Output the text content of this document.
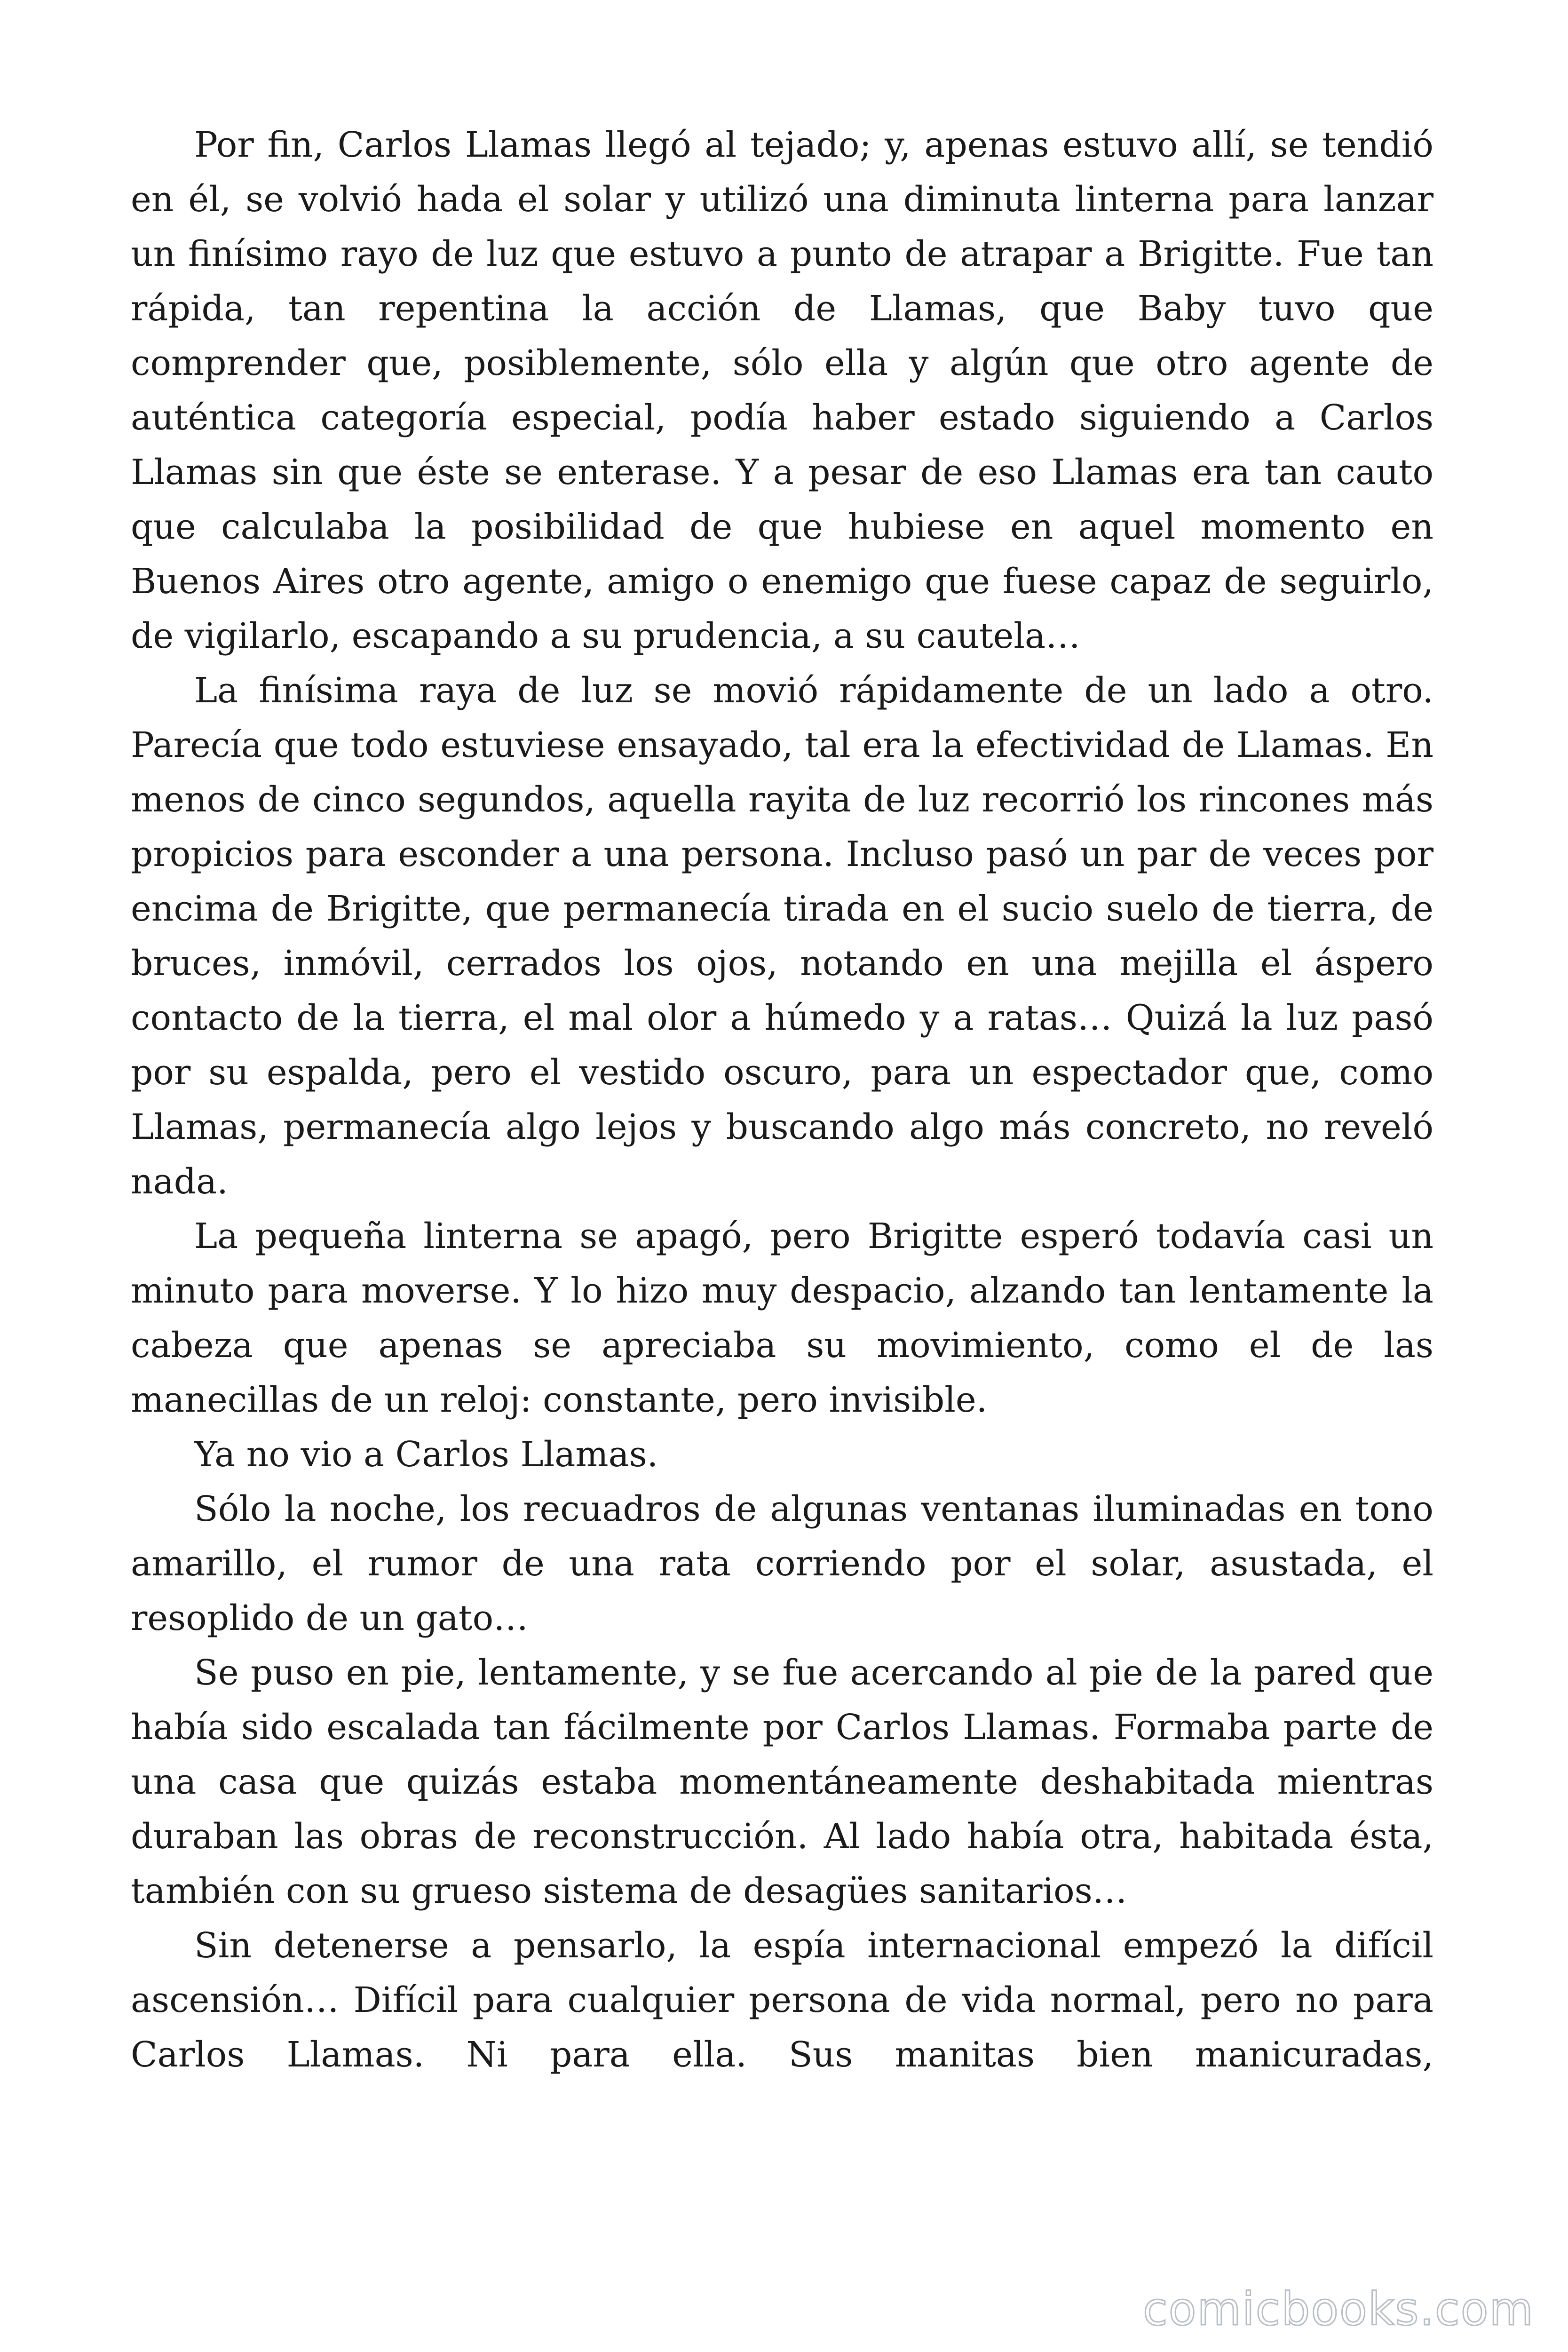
Por fin, Carlos Llamas llegó al tejado; y, apenas estuvo allí, se tendió en él, se volvió hada el solar y utilizó una diminuta linterna para lanzar un finísimo rayo de luz que estuvo a punto de atrapar a Brigitte. Fue tan rápida, tan repentina la acción de Llamas, que Baby tuvo que comprender que, posiblemente, sólo ella y algún que otro agente de auténtica categoría especial, podía haber estado siguiendo a Carlos Llamas sin que éste se enterase. Y a pesar de eso Llamas era tan cauto que calculaba la posibilidad de que hubiese en aquel momento en Buenos Aires otro agente, amigo o enemigo que fuese capaz de seguirlo, de vigilarlo, escapando a su prudencia, a su cautela…

La finísima raya de luz se movió rápidamente de un lado a otro. Parecía que todo estuviese ensayado, tal era la efectividad de Llamas. En menos de cinco segundos, aquella rayita de luz recorrió los rincones más propicios para esconder a una persona. Incluso pasó un par de veces por encima de Brigitte, que permanecía tirada en el sucio suelo de tierra, de bruces, inmóvil, cerrados los ojos, notando en una mejilla el áspero contacto de la tierra, el mal olor a húmedo y a ratas… Quizá la luz pasó por su espalda, pero el vestido oscuro, para un espectador que, como Llamas, permanecía algo lejos y buscando algo más concreto, no reveló nada.

La pequeña linterna se apagó, pero Brigitte esperó todavía casi un minuto para moverse. Y lo hizo muy despacio, alzando tan lentamente la cabeza que apenas se apreciaba su movimiento, como el de las manecillas de un reloj: constante, pero invisible.

Ya no vio a Carlos Llamas.

Sólo la noche, los recuadros de algunas ventanas iluminadas en tono amarillo, el rumor de una rata corriendo por el solar, asustada, el resoplido de un gato…

Se puso en pie, lentamente, y se fue acercando al pie de la pared que había sido escalada tan fácilmente por Carlos Llamas. Formaba parte de una casa que quizás estaba momentáneamente deshabitada mientras duraban las obras de reconstrucción. Al lado había otra, habitada ésta, también con su grueso sistema de desagües sanitarios…

Sin detenerse a pensarlo, la espía internacional empezó la difícil ascensión… Difícil para cualquier persona de vida normal, pero no para Carlos Llamas. Ni para ella. Sus manitas bien manicuradas,

comicbooks.com
